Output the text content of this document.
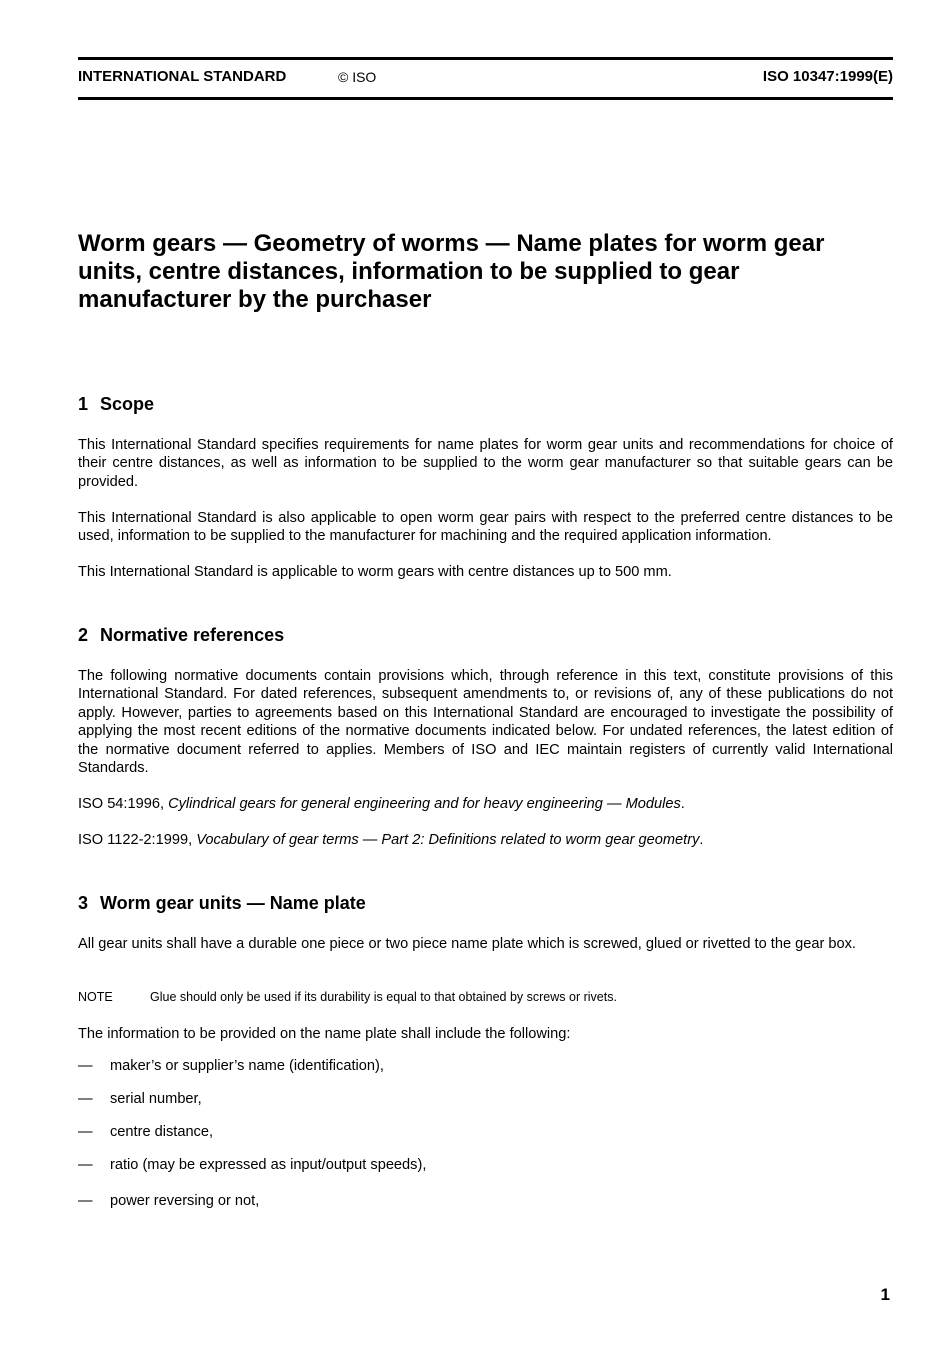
INTERNATIONAL STANDARD	© ISO	ISO 10347:1999(E)
Worm gears — Geometry of worms — Name plates for worm gear units, centre distances, information to be supplied to gear manufacturer by the purchaser
1 Scope

This International Standard specifies requirements for name plates for worm gear units and recommendations for choice of their centre distances, as well as information to be supplied to the worm gear manufacturer so that suitable gears can be provided.

This International Standard is also applicable to open worm gear pairs with respect to the preferred centre distances to be used, information to be supplied to the manufacturer for machining and the required application information.

This International Standard is applicable to worm gears with centre distances up to 500 mm.

2 Normative references

The following normative documents contain provisions which, through reference in this text, constitute provisions of this International Standard. For dated references, subsequent amendments to, or revisions of, any of these publications do not apply. However, parties to agreements based on this International Standard are encouraged to investigate the possibility of applying the most recent editions of the normative documents indicated below. For undated references, the latest edition of the normative document referred to applies. Members of ISO and IEC maintain registers of currently valid International Standards.

ISO 54:1996, Cylindrical gears for general engineering and for heavy engineering — Modules.

ISO 1122-2:1999, Vocabulary of gear terms — Part 2: Definitions related to worm gear geometry.

3 Worm gear units — Name plate

All gear units shall have a durable one piece or two piece name plate which is screwed, glued or rivetted to the gear box.

NOTE	Glue should only be used if its durability is equal to that obtained by screws or rivets.

The information to be provided on the name plate shall include the following:

— maker’s or supplier’s name (identification),
— serial number,
— centre distance,
— ratio (may be expressed as input/output speeds),
— power reversing or not,
1
